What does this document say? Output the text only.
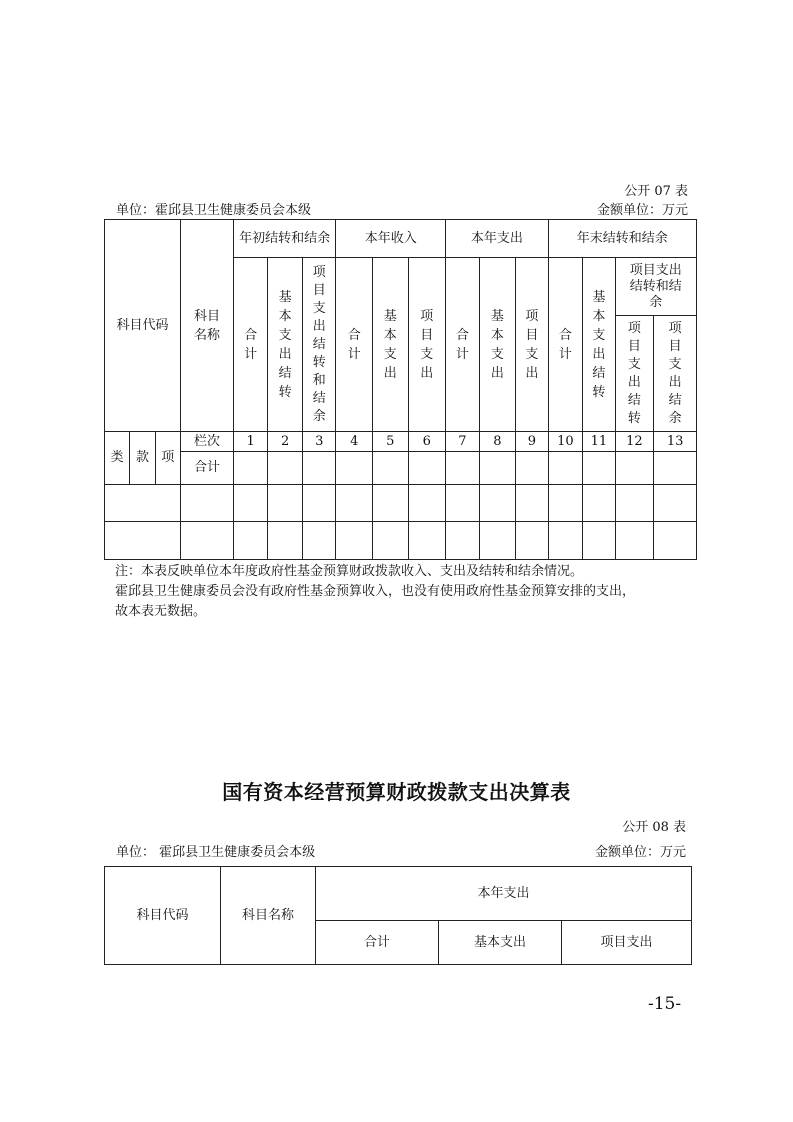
公开 07 表
单位：霍邱县卫生健康委员会本级	金额单位：万元
科目代码			科目名称	年初结转和结余			本年收入			本年支出			年末结转和结余			
				合计	基本支出结转	项目支出结转和结余	合计	基本支出	项目支出	合计	基本支出	项目支出	合计	基本支出结转	项目支出结转和结余	
															项目支出结转	项目支出结余
类	款	项	栏次	1	2	3	4	5	6	7	8	9	10	11	12	13
			合计													

注：本表反映单位本年度政府性基金预算财政拨款收入、支出及结转和结余情况。
霍邱县卫生健康委员会没有政府性基金预算收入，也没有使用政府性基金预算安排的支出，
故本表无数据。
国有资本经营预算财政拨款支出决算表
公开 08 表
单位： 霍邱县卫生健康委员会本级	金额单位：万元
科目代码	科目名称	本年支出		
		合计	基本支出	项目支出
-15-
